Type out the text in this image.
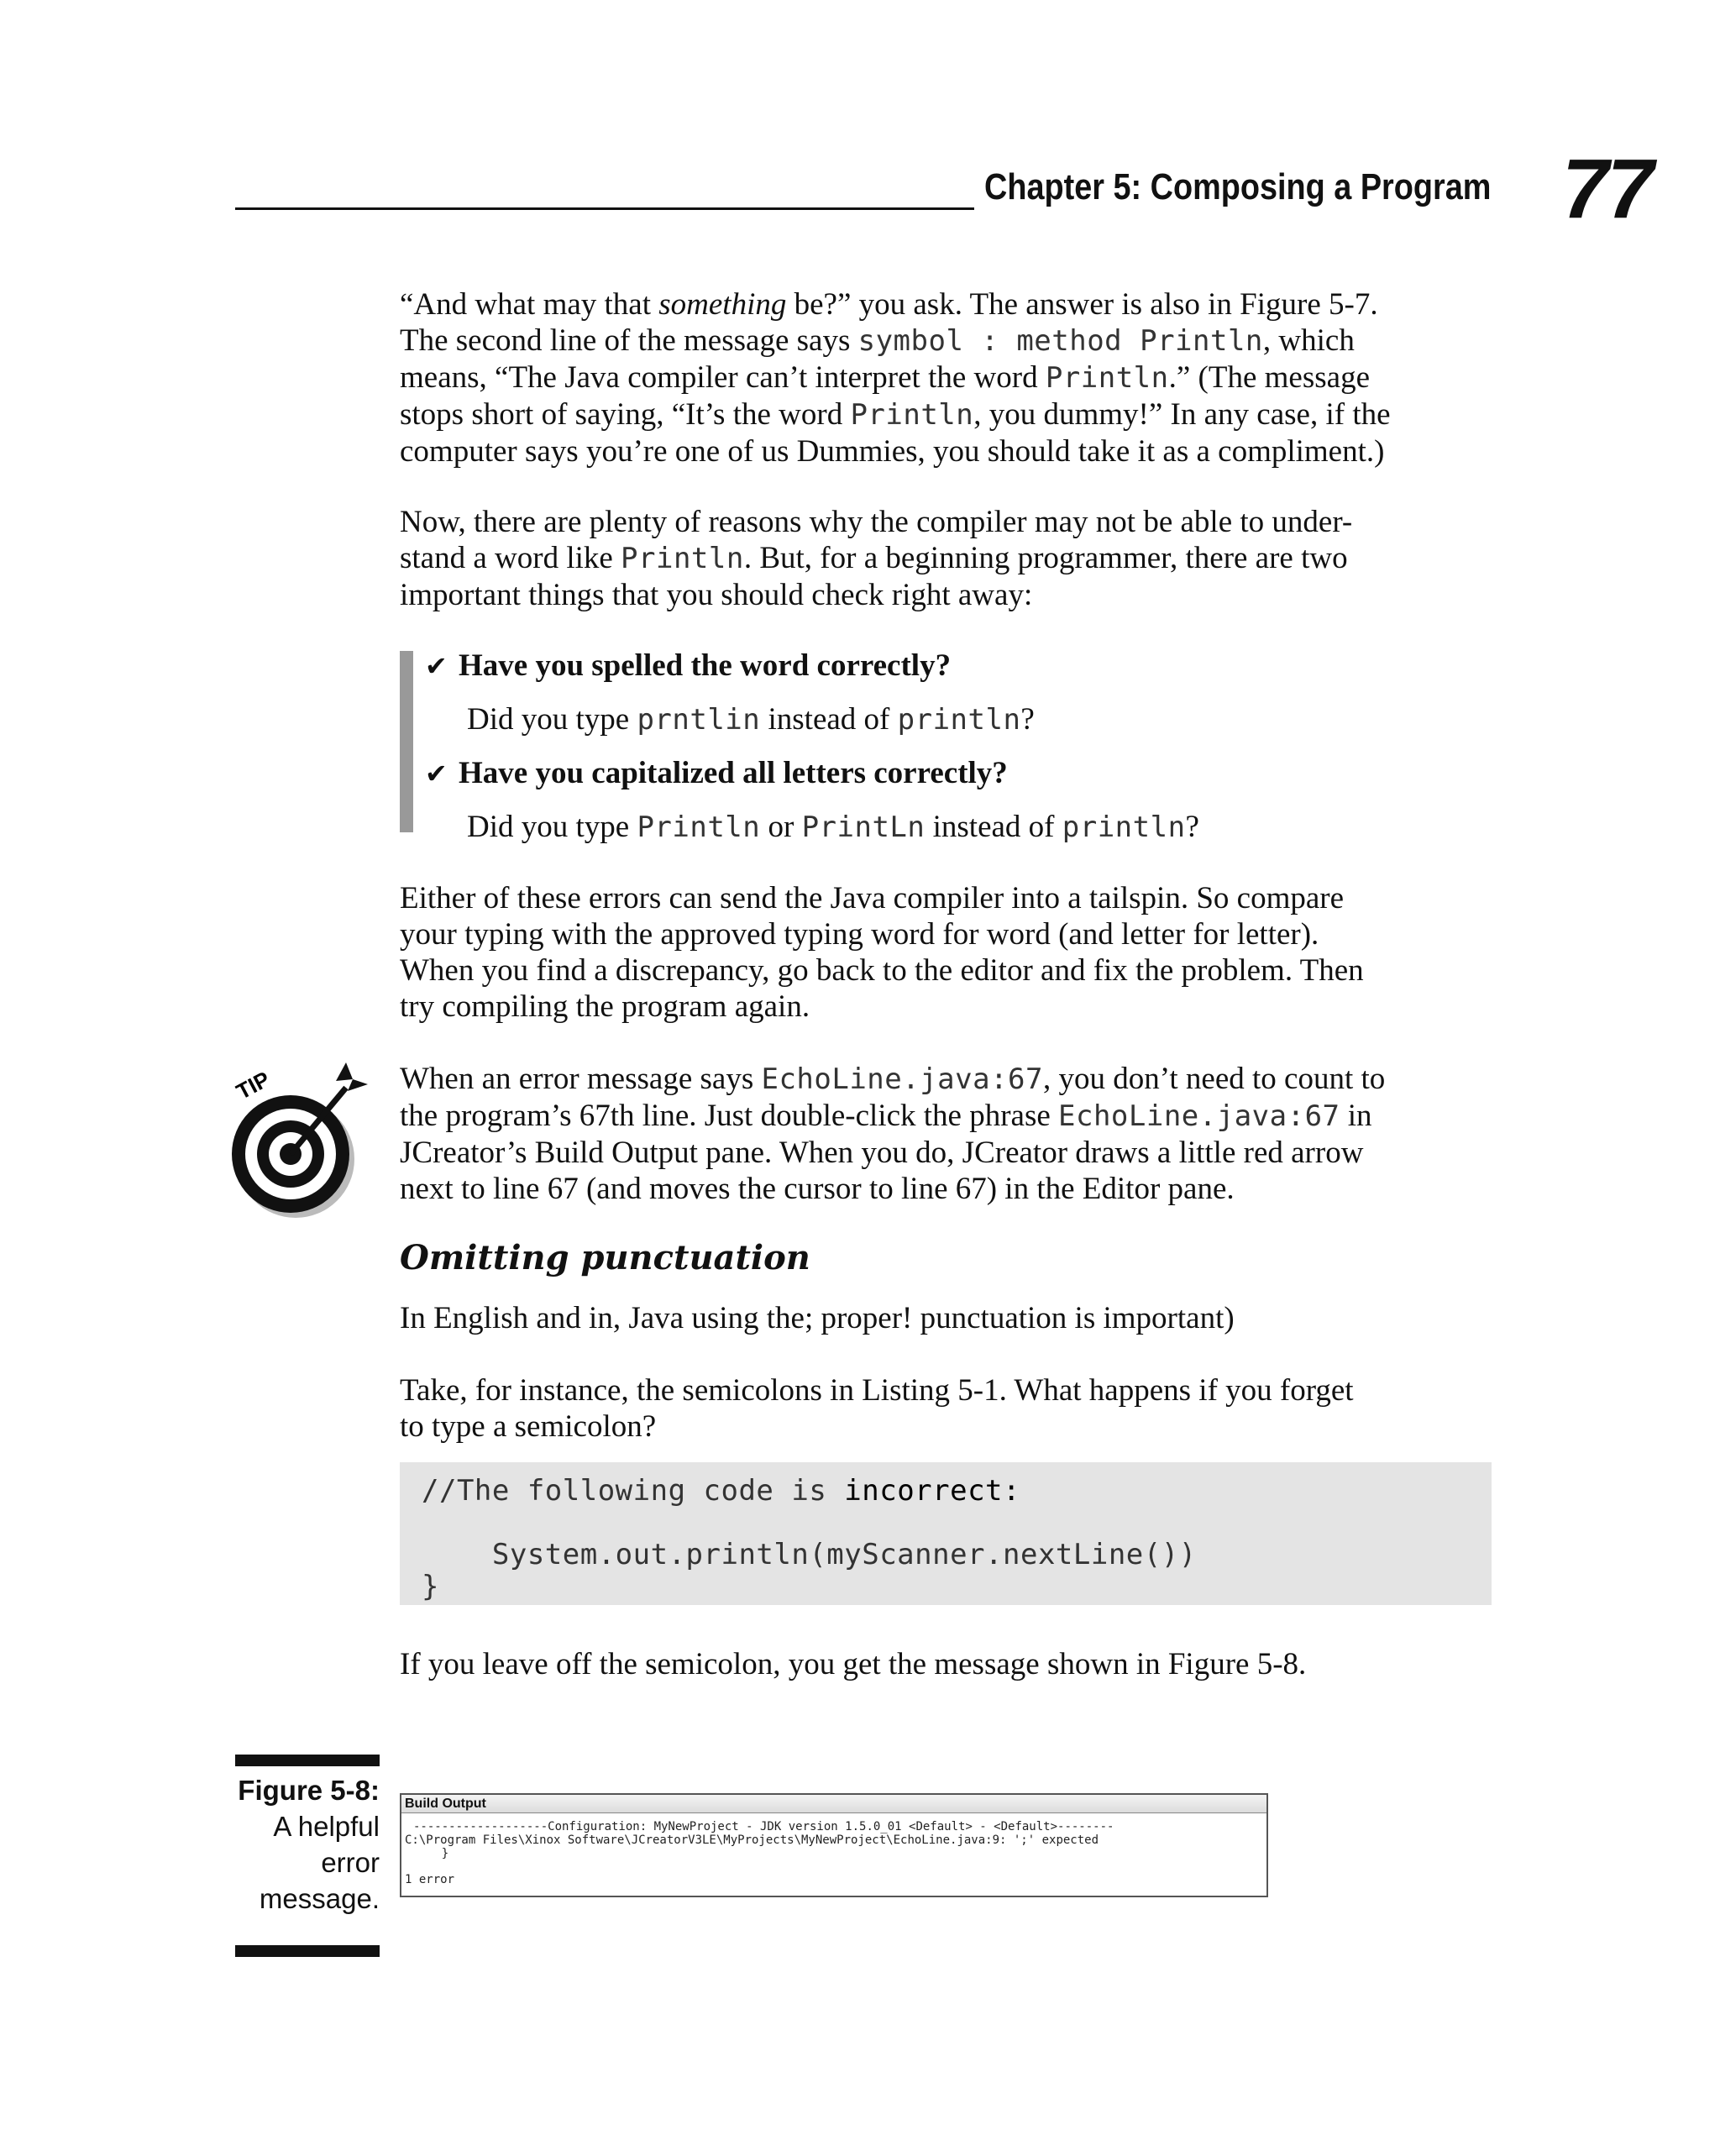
Chapter 5: Composing a Program 77
“And what may that something be?” you ask. The answer is also in Figure 5-7.
The second line of the message says symbol : method Println, which
means, “The Java compiler can’t interpret the word Println.” (The message
stops short of saying, “It’s the word Println, you dummy!” In any case, if the
computer says you’re one of us Dummies, you should take it as a compliment.)
Now, there are plenty of reasons why the compiler may not be able to under-
stand a word like Println. But, for a beginning programmer, there are two
important things that you should check right away:
✔ Have you spelled the word correctly?
Did you type prntlin instead of println?
✔ Have you capitalized all letters correctly?
Did you type Println or PrintLn instead of println?
Either of these errors can send the Java compiler into a tailspin. So compare
your typing with the approved typing word for word (and letter for letter).
When you find a discrepancy, go back to the editor and fix the problem. Then
try compiling the program again.
TIP	When an error message says EchoLine.java:67, you don’t need to count to
the program’s 67th line. Just double-click the phrase EchoLine.java:67 in
JCreator’s Build Output pane. When you do, JCreator draws a little red arrow
next to line 67 (and moves the cursor to line 67) in the Editor pane.
Omitting punctuation
In English and in, Java using the; proper! punctuation is important)
Take, for instance, the semicolons in Listing 5-1. What happens if you forget
to type a semicolon?
//The following code is incorrect:
System.out.println(myScanner.nextLine())
}
If you leave off the semicolon, you get the message shown in Figure 5-8.
Figure 5-8:
A helpful
error
message.
Build Output
-------------------Configuration: MyNewProject - JDK version 1.5.0_01 <Default> - <Default>--------
C:\Program Files\Xinox Software\JCreatorV3LE\MyProjects\MyNewProject\EchoLine.java:9: ';' expected
}
1 error
